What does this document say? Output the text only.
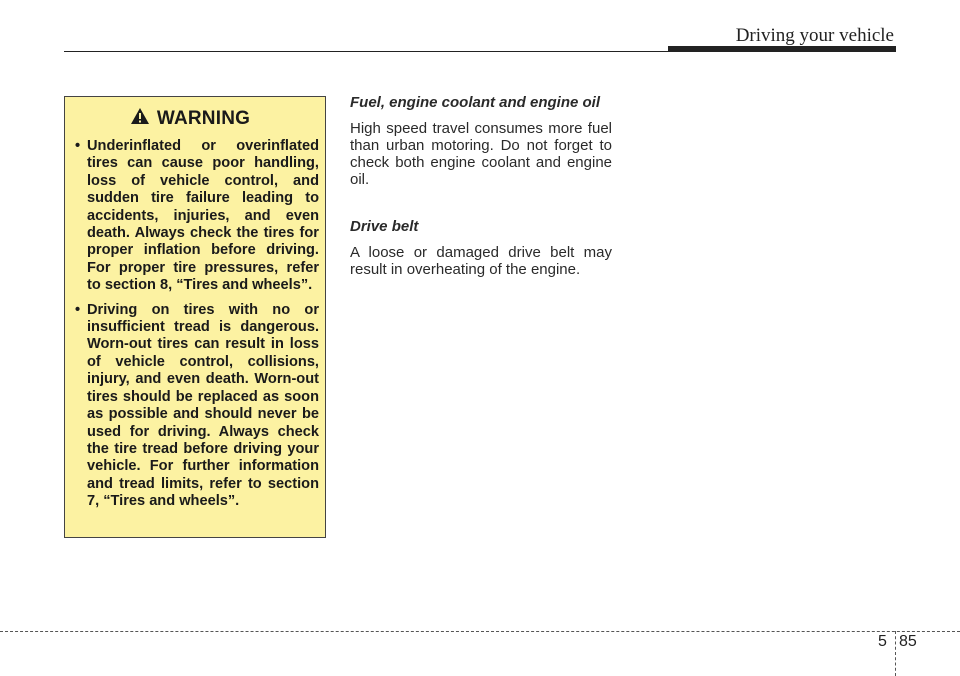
Driving your vehicle
WARNING
• Underinflated or overinflated tires can cause poor handling, loss of vehicle control, and sudden tire failure leading to accidents, injuries, and even death. Always check the tires for proper inflation before driving. For proper tire pressures, refer to section 8, “Tires and wheels”.
• Driving on tires with no or insufficient tread is dangerous. Worn-out tires can result in loss of vehicle control, collisions, injury, and even death. Worn-out tires should be replaced as soon as possible and should never be used for driving. Always check the tire tread before driving your vehicle. For further information and tread limits, refer to section 7, “Tires and wheels”.
Fuel, engine coolant and engine oil

High speed travel consumes more fuel than urban motoring. Do not forget to check both engine coolant and engine oil.

Drive belt

A loose or damaged drive belt may result in overheating of the engine.

5 85
